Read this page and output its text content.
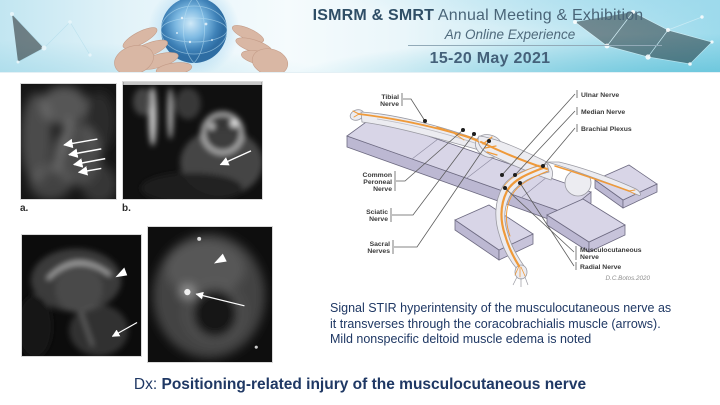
ISMRM & SMRT Annual Meeting & Exhibition
An Online Experience
15-20 May 2021
a.	b.
Tibial
Nerve
Common
Peroneal
Nerve
Sciatic
Nerve
Sacral
Nerves
Ulnar Nerve
Median Nerve
Brachial Plexus
Musculocutaneous
Nerve
Radial Nerve
D.C.Botos.2020
Signal STIR hyperintensity of the musculocutaneous nerve as
it transverses through the coracobrachialis muscle (arrows).
Mild nonspecific deltoid muscle edema is noted
Dx: Positioning-related injury of the musculocutaneous nerve
